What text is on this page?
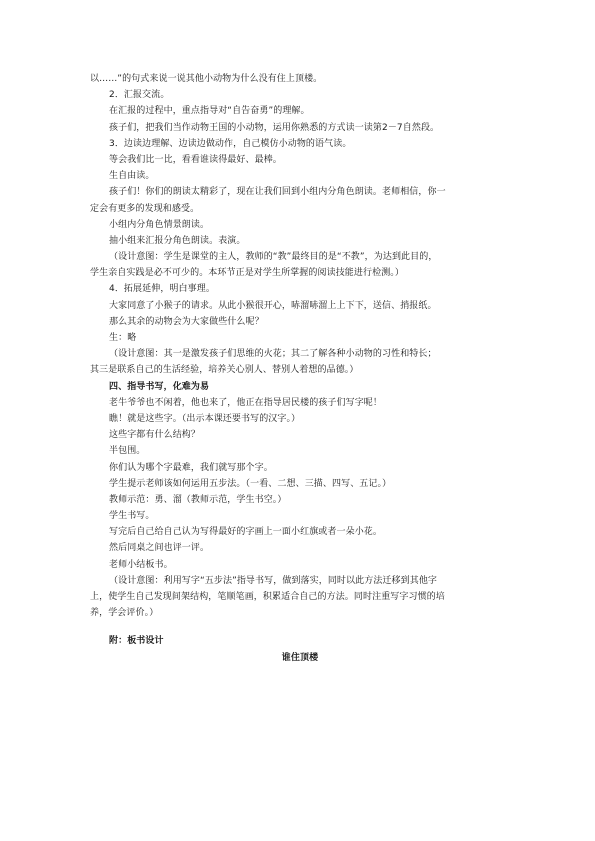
以……”的句式来说一说其他小动物为什么没有住上顶楼。
2．汇报交流。
在汇报的过程中，重点指导对“自告奋勇”的理解。
孩子们，把我们当作动物王国的小动物，运用你熟悉的方式读一读第2－7自然段。
3．边读边理解、边读边做动作，自己模仿小动物的语气读。
等会我们比一比，看看谁读得最好、最棒。
生自由读。
孩子们！你们的朗读太精彩了，现在让我们回到小组内分角色朗读。老师相信，你一
定会有更多的发现和感受。
小组内分角色情景朗读。
抽小组来汇报分角色朗读。表演。
（设计意图：学生是课堂的主人，教师的“教”最终目的是“不教”，为达到此目的，
学生亲自实践是必不可少的。本环节正是对学生所掌握的阅读技能进行检测。）
4．拓展延伸，明白事理。
大家同意了小猴子的请求。从此小猴很开心，哧溜哧溜上上下下，送信、捎报纸。
那么其余的动物会为大家做些什么呢？
生：略
（设计意图：其一是激发孩子们思维的火花；其二了解各种小动物的习性和特长；
其三是联系自己的生活经验，培养关心别人、替别人着想的品德。）
四、指导书写，化难为易
老牛爷爷也不闲着，他也来了，他正在指导居民楼的孩子们写字呢！
瞧！就是这些字。（出示本课还要书写的汉字。）
这些字都有什么结构？
半包围。
你们认为哪个字最难，我们就写那个字。
学生提示老师该如何运用五步法。（一看、二想、三描、四写、五记。）
教师示范：勇、溜（教师示范，学生书空。）
学生书写。
写完后自己给自己认为写得最好的字画上一面小红旗或者一朵小花。
然后同桌之间也评一评。
老师小结板书。
（设计意图：利用写字“五步法”指导书写，做到落实，同时以此方法迁移到其他字
上，使学生自己发现间架结构，笔顺笔画，积累适合自己的方法。同时注重写字习惯的培
养，学会评价。）
附：板书设计
谁住顶楼
